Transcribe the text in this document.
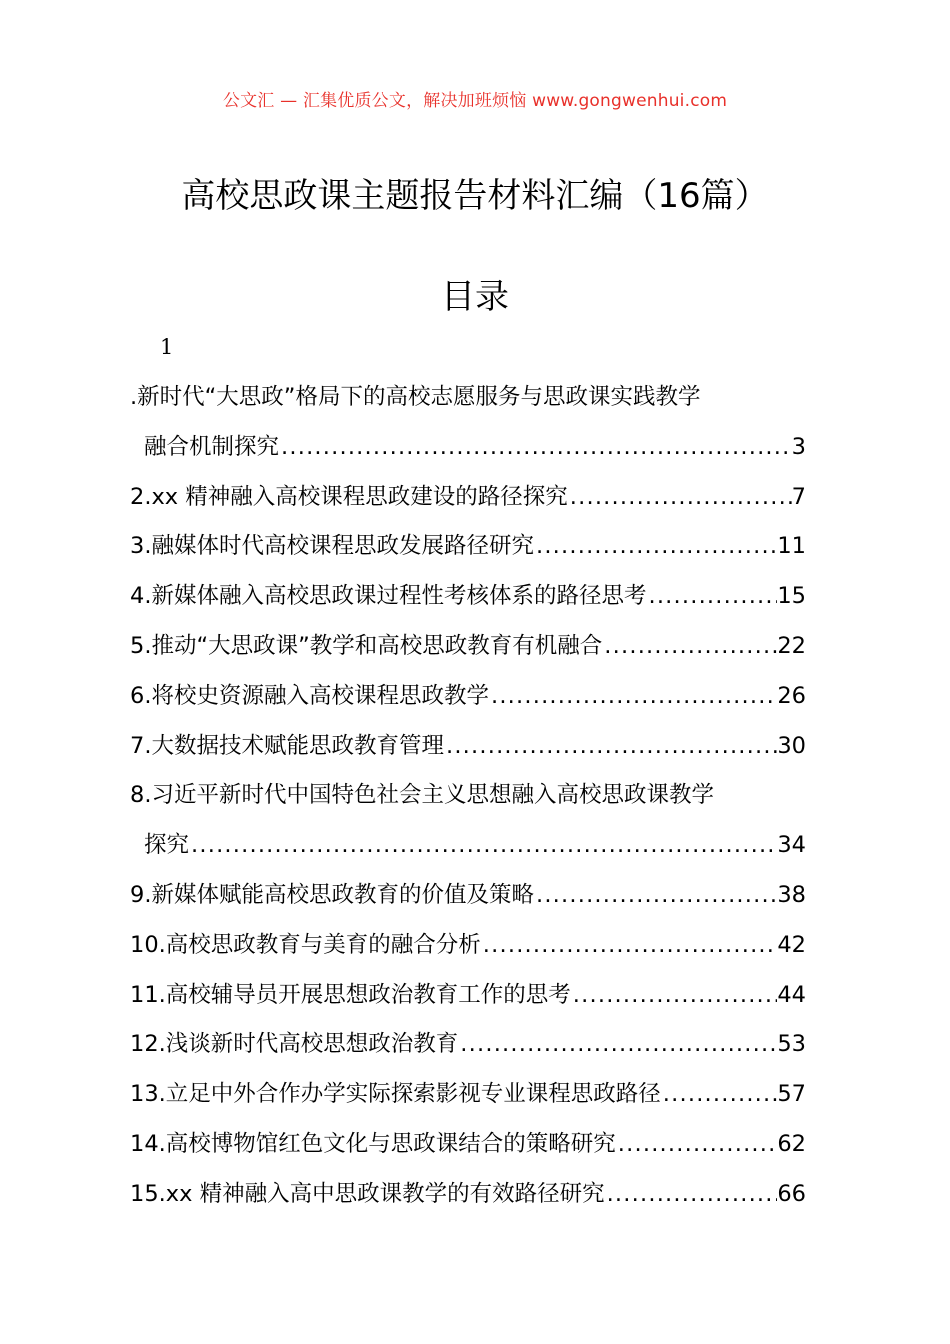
公文汇 — 汇集优质公文，解决加班烦恼 www.gongwenhui.com
高校思政课主题报告材料汇编（16篇）
目录
1
.新时代“大思政”格局下的高校志愿服务与思政课实践教学
融合机制探究 .....	3
2.xx 精神融入高校课程思政建设的路径探究 .....	7
3.融媒体时代高校课程思政发展路径研究 .....	11
4.新媒体融入高校思政课过程性考核体系的路径思考 .....	15
5.推动“大思政课”教学和高校思政教育有机融合 .....	22
6.将校史资源融入高校课程思政教学 .....	26
7.大数据技术赋能思政教育管理 .....	30
8.习近平新时代中国特色社会主义思想融入高校思政课教学
探究 .....	34
9.新媒体赋能高校思政教育的价值及策略 .....	38
10.高校思政教育与美育的融合分析 .....	42
11.高校辅导员开展思想政治教育工作的思考 .....	44
12.浅谈新时代高校思想政治教育 .....	53
13.立足中外合作办学实际探索影视专业课程思政路径 .....	57
14.高校博物馆红色文化与思政课结合的策略研究 .....	62
15.xx 精神融入高中思政课教学的有效路径研究 .....	66
